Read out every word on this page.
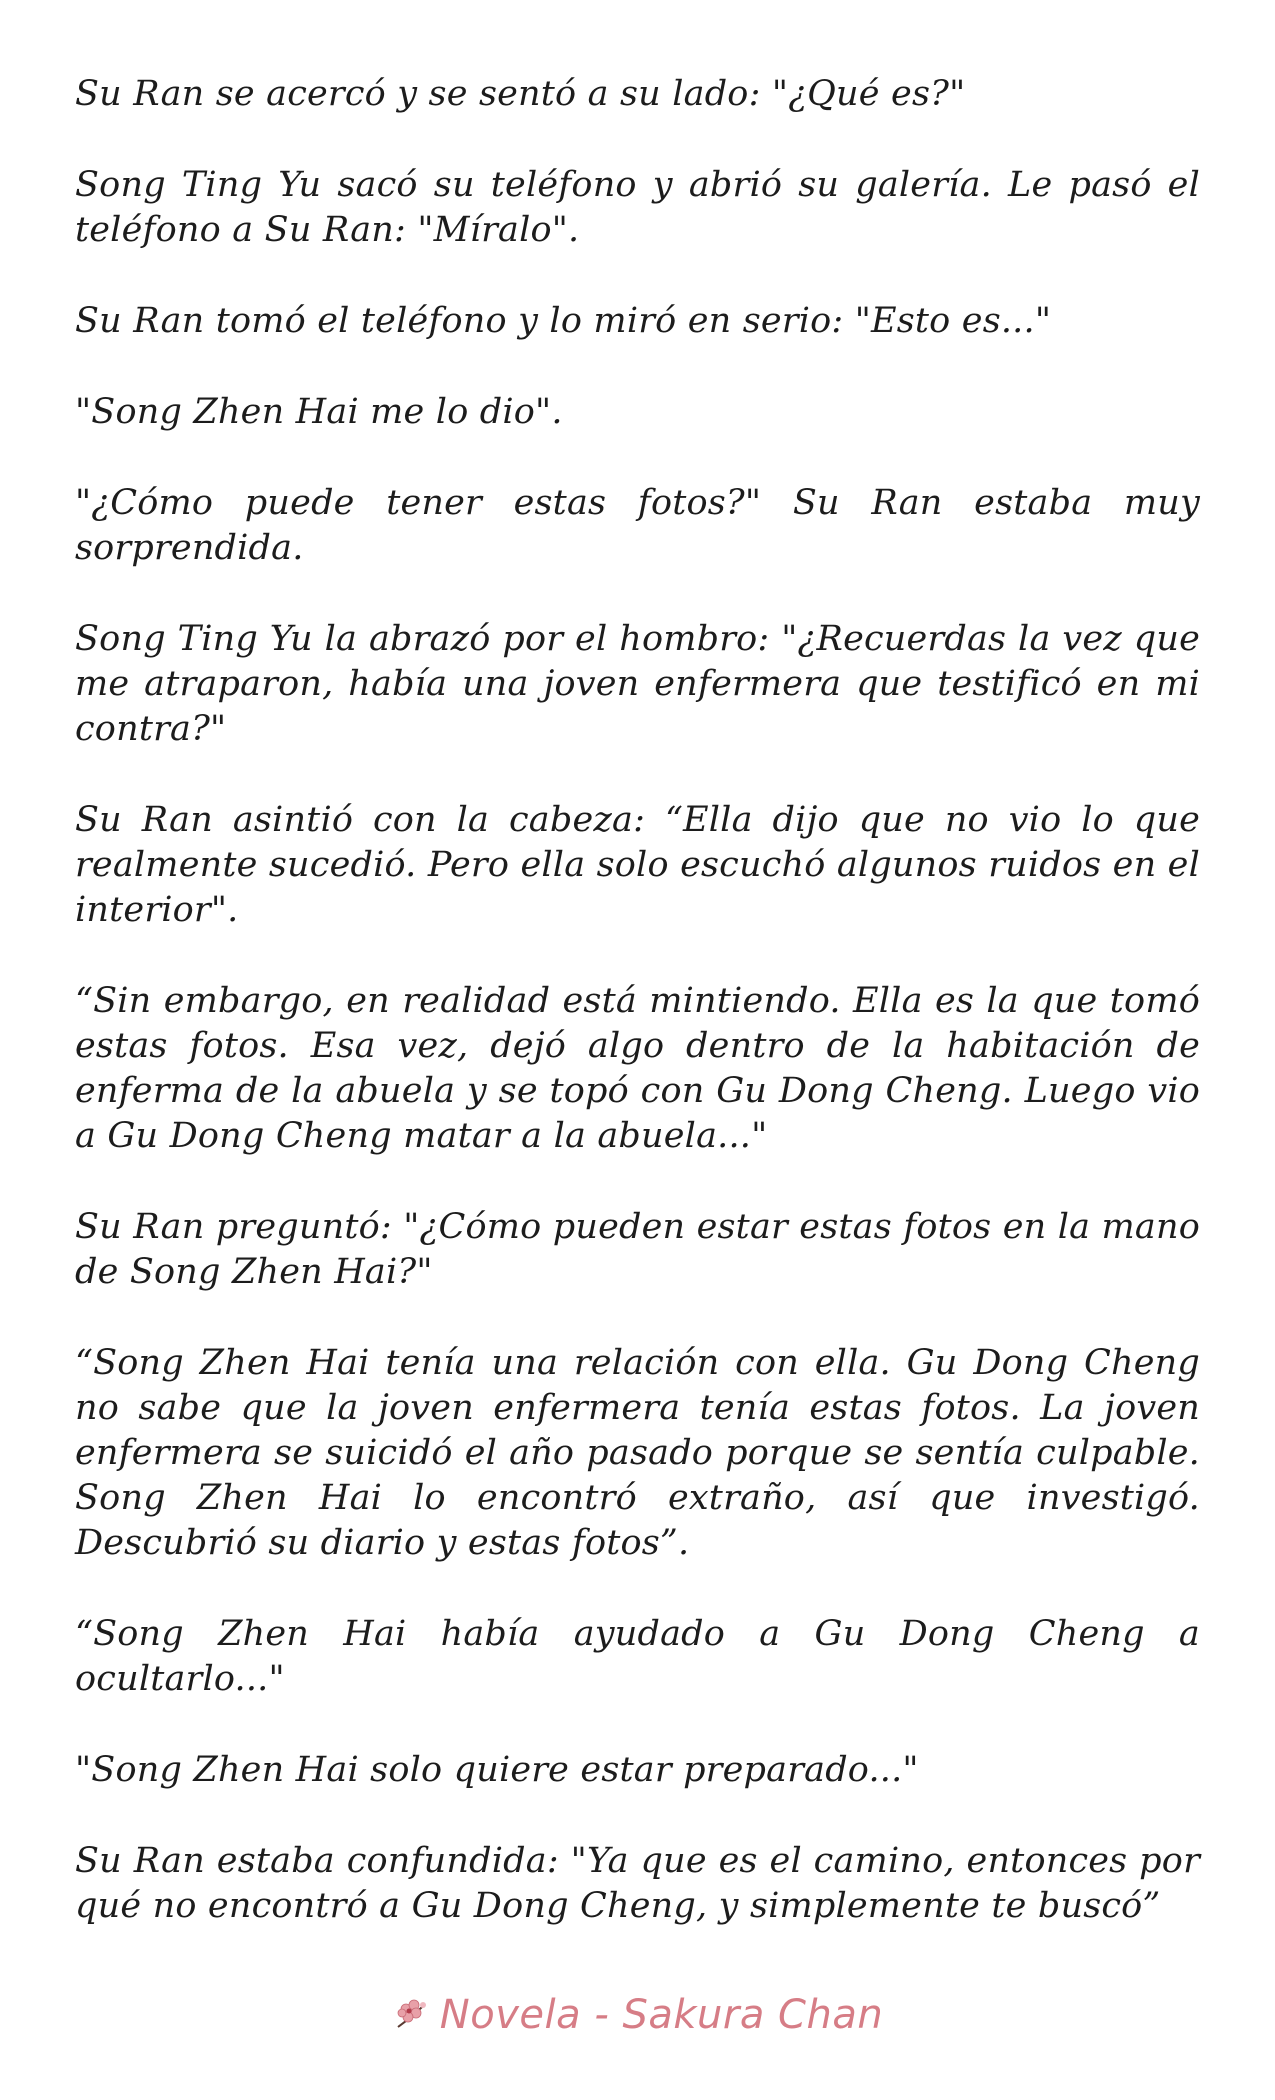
Su Ran se acercó y se sentó a su lado: "¿Qué es?"

Song Ting Yu sacó su teléfono y abrió su galería. Le pasó el teléfono a Su Ran: "Míralo".

Su Ran tomó el teléfono y lo miró en serio: "Esto es..."

"Song Zhen Hai me lo dio".

"¿Cómo puede tener estas fotos?" Su Ran estaba muy sorprendida.

Song Ting Yu la abrazó por el hombro: "¿Recuerdas la vez que me atraparon, había una joven enfermera que testificó en mi contra?"

Su Ran asintió con la cabeza: “Ella dijo que no vio lo que realmente sucedió. Pero ella solo escuchó algunos ruidos en el interior".

“Sin embargo, en realidad está mintiendo. Ella es la que tomó estas fotos. Esa vez, dejó algo dentro de la habitación de enferma de la abuela y se topó con Gu Dong Cheng. Luego vio a Gu Dong Cheng matar a la abuela..."

Su Ran preguntó: "¿Cómo pueden estar estas fotos en la mano de Song Zhen Hai?"

“Song Zhen Hai tenía una relación con ella. Gu Dong Cheng no sabe que la joven enfermera tenía estas fotos. La joven enfermera se suicidó el año pasado porque se sentía culpable. Song Zhen Hai lo encontró extraño, así que investigó. Descubrió su diario y estas fotos”.

“Song Zhen Hai había ayudado a Gu Dong Cheng a ocultarlo..."

"Song Zhen Hai solo quiere estar preparado..."

Su Ran estaba confundida: "Ya que es el camino, entonces por qué no encontró a Gu Dong Cheng, y simplemente te buscó”

Novela - Sakura Chan
